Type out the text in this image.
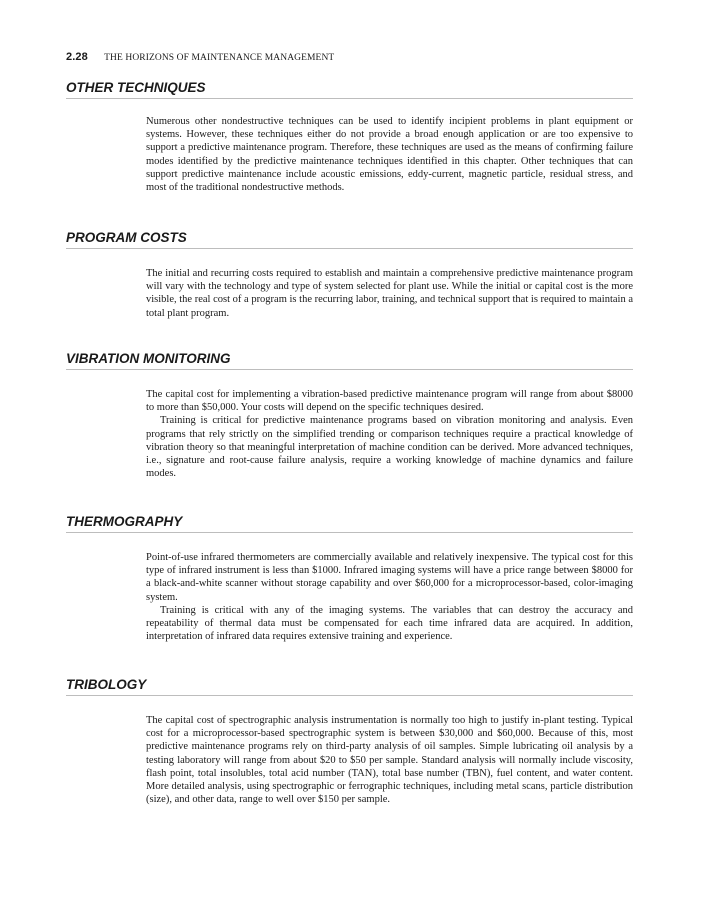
2.28 THE HORIZONS OF MAINTENANCE MANAGEMENT
OTHER TECHNIQUES

Numerous other nondestructive techniques can be used to identify incipient problems in plant equipment or systems. However, these techniques either do not provide a broad enough application or are too expensive to support a predictive maintenance program. Therefore, these techniques are used as the means of confirming failure modes identified by the predictive maintenance techniques identified in this chapter. Other techniques that can support predictive maintenance include acoustic emissions, eddy-current, magnetic particle, residual stress, and most of the traditional nondestructive methods.

PROGRAM COSTS

The initial and recurring costs required to establish and maintain a comprehensive predictive maintenance program will vary with the technology and type of system selected for plant use. While the initial or capital cost is the more visible, the real cost of a program is the recurring labor, training, and technical support that is required to maintain a total plant program.

VIBRATION MONITORING

The capital cost for implementing a vibration-based predictive maintenance program will range from about $8000 to more than $50,000. Your costs will depend on the specific techniques desired.

Training is critical for predictive maintenance programs based on vibration monitoring and analysis. Even programs that rely strictly on the simplified trending or comparison techniques require a practical knowledge of vibration theory so that meaningful interpretation of machine condition can be derived. More advanced techniques, i.e., signature and root-cause failure analysis, require a working knowledge of machine dynamics and failure modes.

THERMOGRAPHY

Point-of-use infrared thermometers are commercially available and relatively inexpensive. The typical cost for this type of infrared instrument is less than $1000. Infrared imaging systems will have a price range between $8000 for a black-and-white scanner without storage capability and over $60,000 for a microprocessor-based, color-imaging system.

Training is critical with any of the imaging systems. The variables that can destroy the accuracy and repeatability of thermal data must be compensated for each time infrared data are acquired. In addition, interpretation of infrared data requires extensive training and experience.

TRIBOLOGY

The capital cost of spectrographic analysis instrumentation is normally too high to justify in-plant testing. Typical cost for a microprocessor-based spectrographic system is between $30,000 and $60,000. Because of this, most predictive maintenance programs rely on third-party analysis of oil samples. Simple lubricating oil analysis by a testing laboratory will range from about $20 to $50 per sample. Standard analysis will normally include viscosity, flash point, total insolubles, total acid number (TAN), total base number (TBN), fuel content, and water content. More detailed analysis, using spectrographic or ferrographic techniques, including metal scans, particle distribution (size), and other data, range to well over $150 per sample.
